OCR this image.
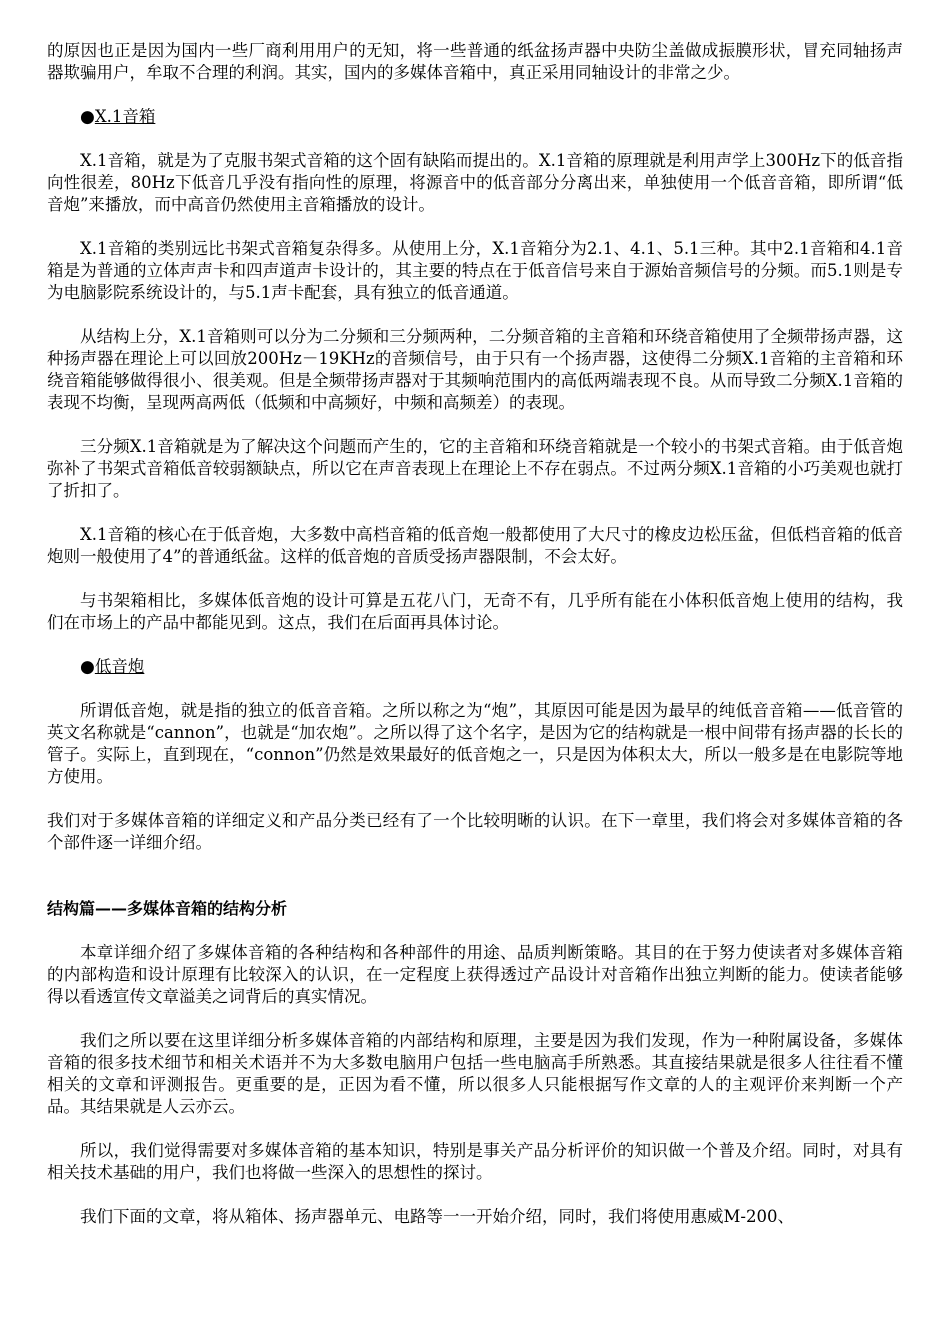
的原因也正是因为国内一些厂商利用用户的无知，将一些普通的纸盆扬声器中央防尘盖做成振膜形状，冒充同轴扬声器欺骗用户，牟取不合理的利润。其实，国内的多媒体音箱中，真正采用同轴设计的非常之少。

●X.1音箱

X.1音箱，就是为了克服书架式音箱的这个固有缺陷而提出的。X.1音箱的原理就是利用声学上300Hz下的低音指向性很差，80Hz下低音几乎没有指向性的原理，将源音中的低音部分分离出来，单独使用一个低音音箱，即所谓“低音炮”来播放，而中高音仍然使用主音箱播放的设计。

X.1音箱的类别远比书架式音箱复杂得多。从使用上分，X.1音箱分为2.1、4.1、5.1三种。其中2.1音箱和4.1音箱是为普通的立体声声卡和四声道声卡设计的，其主要的特点在于低音信号来自于源始音频信号的分频。而5.1则是专为电脑影院系统设计的，与5.1声卡配套，具有独立的低音通道。

从结构上分，X.1音箱则可以分为二分频和三分频两种，二分频音箱的主音箱和环绕音箱使用了全频带扬声器，这种扬声器在理论上可以回放200Hz－19KHz的音频信号，由于只有一个扬声器，这使得二分频X.1音箱的主音箱和环绕音箱能够做得很小、很美观。但是全频带扬声器对于其频响范围内的高低两端表现不良。从而导致二分频X.1音箱的表现不均衡，呈现两高两低（低频和中高频好，中频和高频差）的表现。

三分频X.1音箱就是为了解决这个问题而产生的，它的主音箱和环绕音箱就是一个较小的书架式音箱。由于低音炮弥补了书架式音箱低音较弱额缺点，所以它在声音表现上在理论上不存在弱点。不过两分频X.1音箱的小巧美观也就打了折扣了。

X.1音箱的核心在于低音炮，大多数中高档音箱的低音炮一般都使用了大尺寸的橡皮边松压盆，但低档音箱的低音炮则一般使用了4”的普通纸盆。这样的低音炮的音质受扬声器限制，不会太好。

与书架箱相比，多媒体低音炮的设计可算是五花八门，无奇不有，几乎所有能在小体积低音炮上使用的结构，我们在市场上的产品中都能见到。这点，我们在后面再具体讨论。

●低音炮

所谓低音炮，就是指的独立的低音音箱。之所以称之为“炮”，其原因可能是因为最早的纯低音音箱——低音管的英文名称就是“cannon”，也就是“加农炮”。之所以得了这个名字，是因为它的结构就是一根中间带有扬声器的长长的管子。实际上，直到现在，“connon”仍然是效果最好的低音炮之一，只是因为体积太大，所以一般多是在电影院等地方使用。

我们对于多媒体音箱的详细定义和产品分类已经有了一个比较明晰的认识。在下一章里，我们将会对多媒体音箱的各个部件逐一详细介绍。

结构篇——多媒体音箱的结构分析

本章详细介绍了多媒体音箱的各种结构和各种部件的用途、品质判断策略。其目的在于努力使读者对多媒体音箱的内部构造和设计原理有比较深入的认识，在一定程度上获得透过产品设计对音箱作出独立判断的能力。使读者能够得以看透宣传文章溢美之词背后的真实情况。

我们之所以要在这里详细分析多媒体音箱的内部结构和原理，主要是因为我们发现，作为一种附属设备，多媒体音箱的很多技术细节和相关术语并不为大多数电脑用户包括一些电脑高手所熟悉。其直接结果就是很多人往往看不懂相关的文章和评测报告。更重要的是，正因为看不懂，所以很多人只能根据写作文章的人的主观评价来判断一个产品。其结果就是人云亦云。

所以，我们觉得需要对多媒体音箱的基本知识，特别是事关产品分析评价的知识做一个普及介绍。同时，对具有相关技术基础的用户，我们也将做一些深入的思想性的探讨。

我们下面的文章，将从箱体、扬声器单元、电路等一一开始介绍，同时，我们将使用惠威M-200、
